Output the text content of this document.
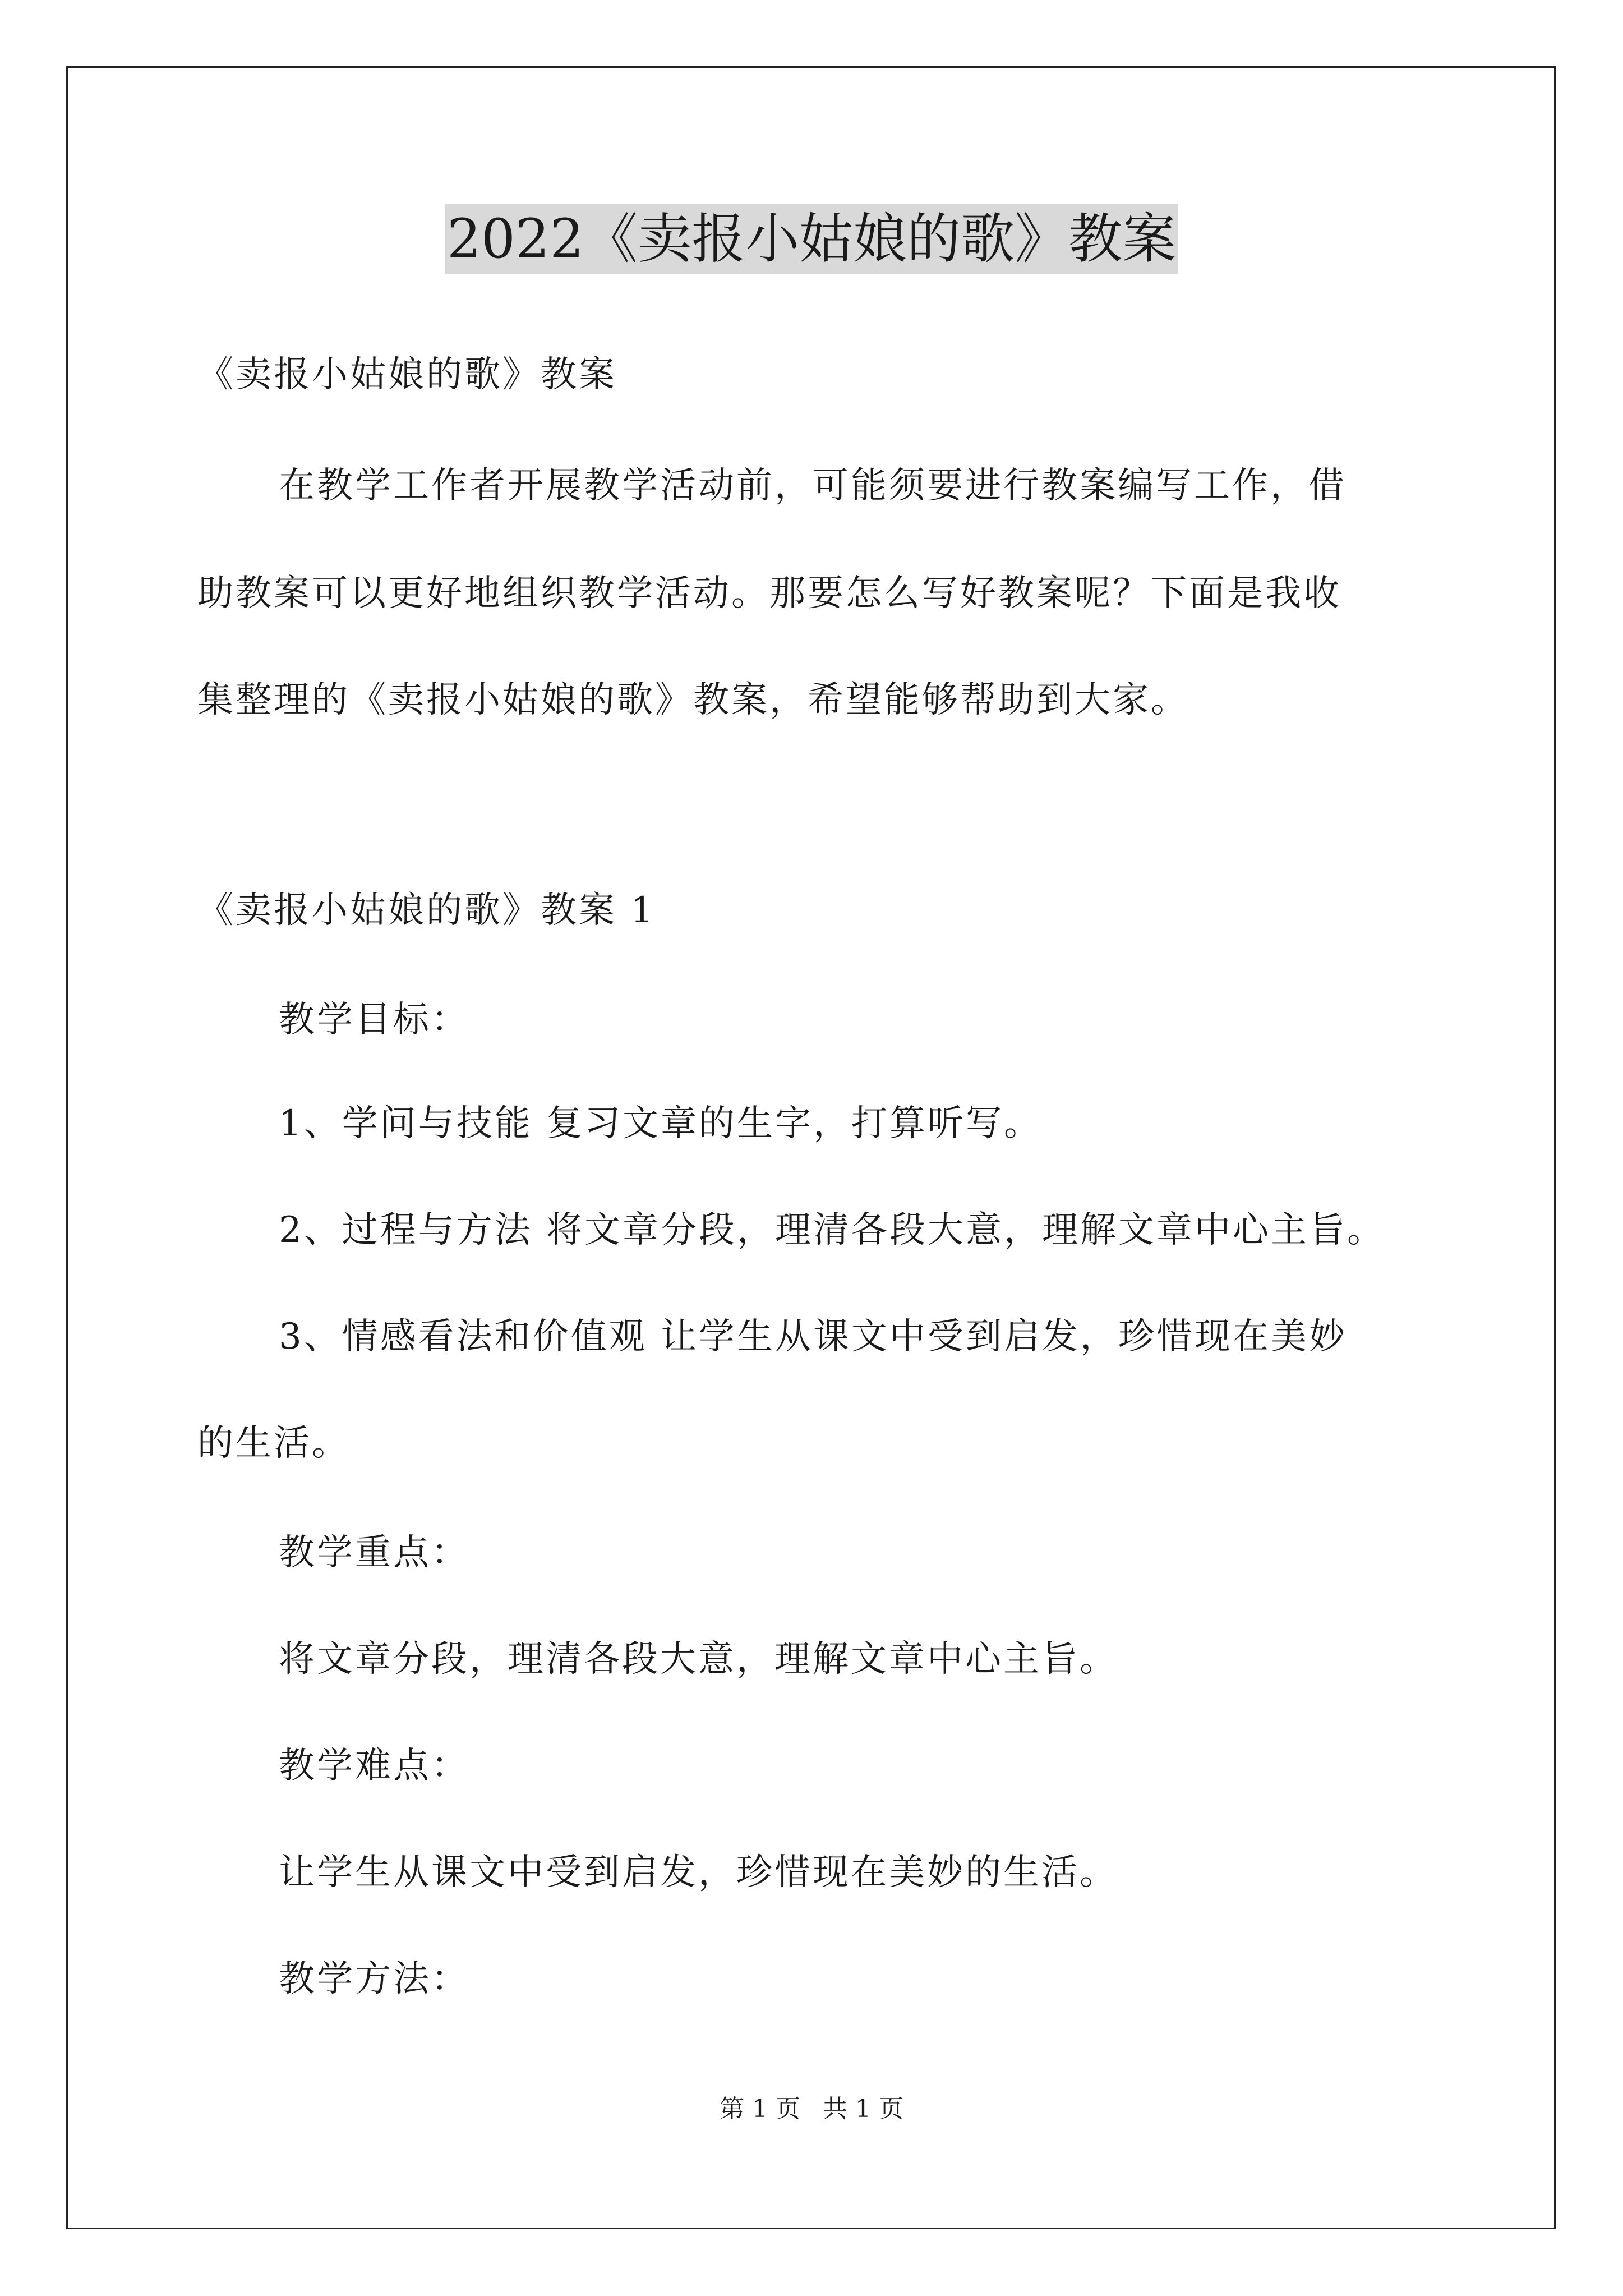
2022《卖报小姑娘的歌》教案
《卖报小姑娘的歌》教案
在教学工作者开展教学活动前，可能须要进行教案编写工作，借
助教案可以更好地组织教学活动。那要怎么写好教案呢？下面是我收
集整理的《卖报小姑娘的歌》教案，希望能够帮助到大家。
《卖报小姑娘的歌》教案 1
教学目标：
1、学问与技能 复习文章的生字，打算听写。
2、过程与方法 将文章分段，理清各段大意，理解文章中心主旨。
3、情感看法和价值观 让学生从课文中受到启发，珍惜现在美妙
的生活。
教学重点：
将文章分段，理清各段大意，理解文章中心主旨。
教学难点：
让学生从课文中受到启发，珍惜现在美妙的生活。
教学方法：
第 1 页 共 1 页
